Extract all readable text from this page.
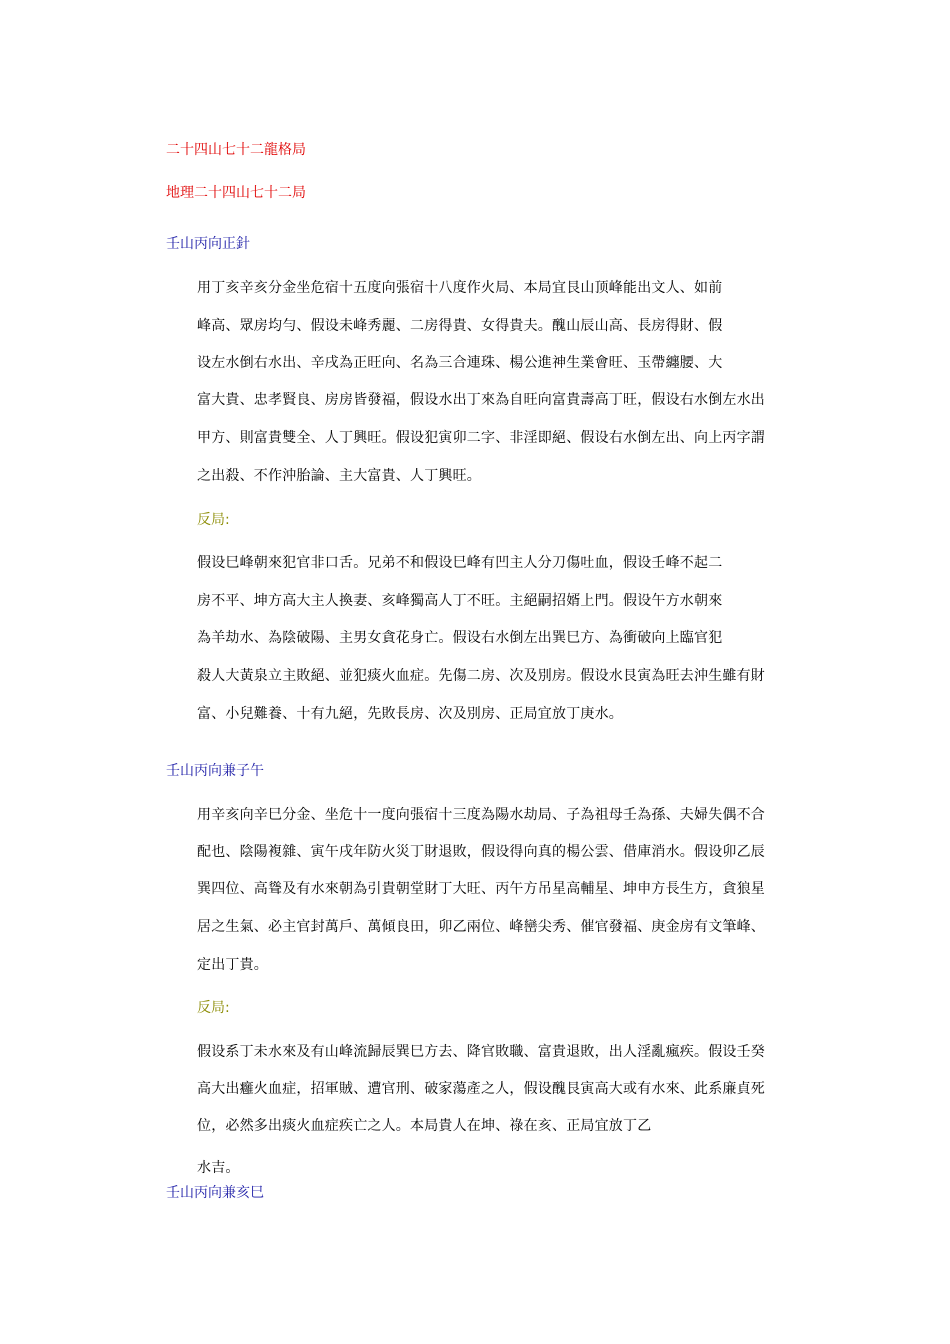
二十四山七十二龍格局
地理二十四山七十二局
壬山丙向正針
用丁亥辛亥分金坐危宿十五度向張宿十八度作火局、本局宜艮山顶峰能出文人、如前
峰高、眾房均勻、假设未峰秀麗、二房得貴、女得貴夫。醜山辰山高、長房得財、假
设左水倒右水出、辛戌為正旺向、名為三合連珠、楊公進神生業會旺、玉帶纏腰、大
富大貴、忠孝賢良、房房皆發福，假设水出丁來為自旺向富貴壽高丁旺，假设右水倒左水出
甲方、則富貴雙全、人丁興旺。假设犯寅卯二字、非淫即絕、假设右水倒左出、向上丙字謂
之出殺、不作沖胎論、主大富貴、人丁興旺。
反局:
假设巳峰朝來犯官非口舌。兄弟不和假设巳峰有凹主人分刀傷吐血，假设壬峰不起二
房不平、坤方高大主人換妻、亥峰獨高人丁不旺。主絕嗣招婿上門。假设午方水朝來
為羊劫水、為陰破陽、主男女貪花身亡。假设右水倒左出巽巳方、為衝破向上臨官犯
殺人大黃泉立主敗絕、並犯痰火血症。先傷二房、次及別房。假设水艮寅為旺去沖生雖有財
富、小兒難養、十有九絕，先敗長房、次及別房、正局宜放丁庚水。
壬山丙向兼子午
用辛亥向辛巳分金、坐危十一度向張宿十三度為陽水劫局、子為祖母壬為孫、夫婦失偶不合
配也、陰陽複雜、寅午戌年防火災丁財退敗，假设得向真的楊公雲、借庫消水。假设卯乙辰
巽四位、高聳及有水來朝為引貴朝堂財丁大旺、丙午方吊星高輔星、坤申方長生方，貪狼星
居之生氣、必主官封萬戶、萬傾良田，卯乙兩位、峰巒尖秀、催官發福、庚金房有文筆峰、
定出丁貴。
反局:
假设系丁未水來及有山峰流歸辰巽巳方去、降官敗職、富貴退敗，出人淫亂瘋疾。假设壬癸
高大出癰火血症，招軍賊、遭官刑、破家蕩產之人，假设醜艮寅高大或有水來、此系廉貞死
位，必然多出痰火血症疾亡之人。本局貴人在坤、祿在亥、正局宜放丁乙
水吉。
壬山丙向兼亥巳
